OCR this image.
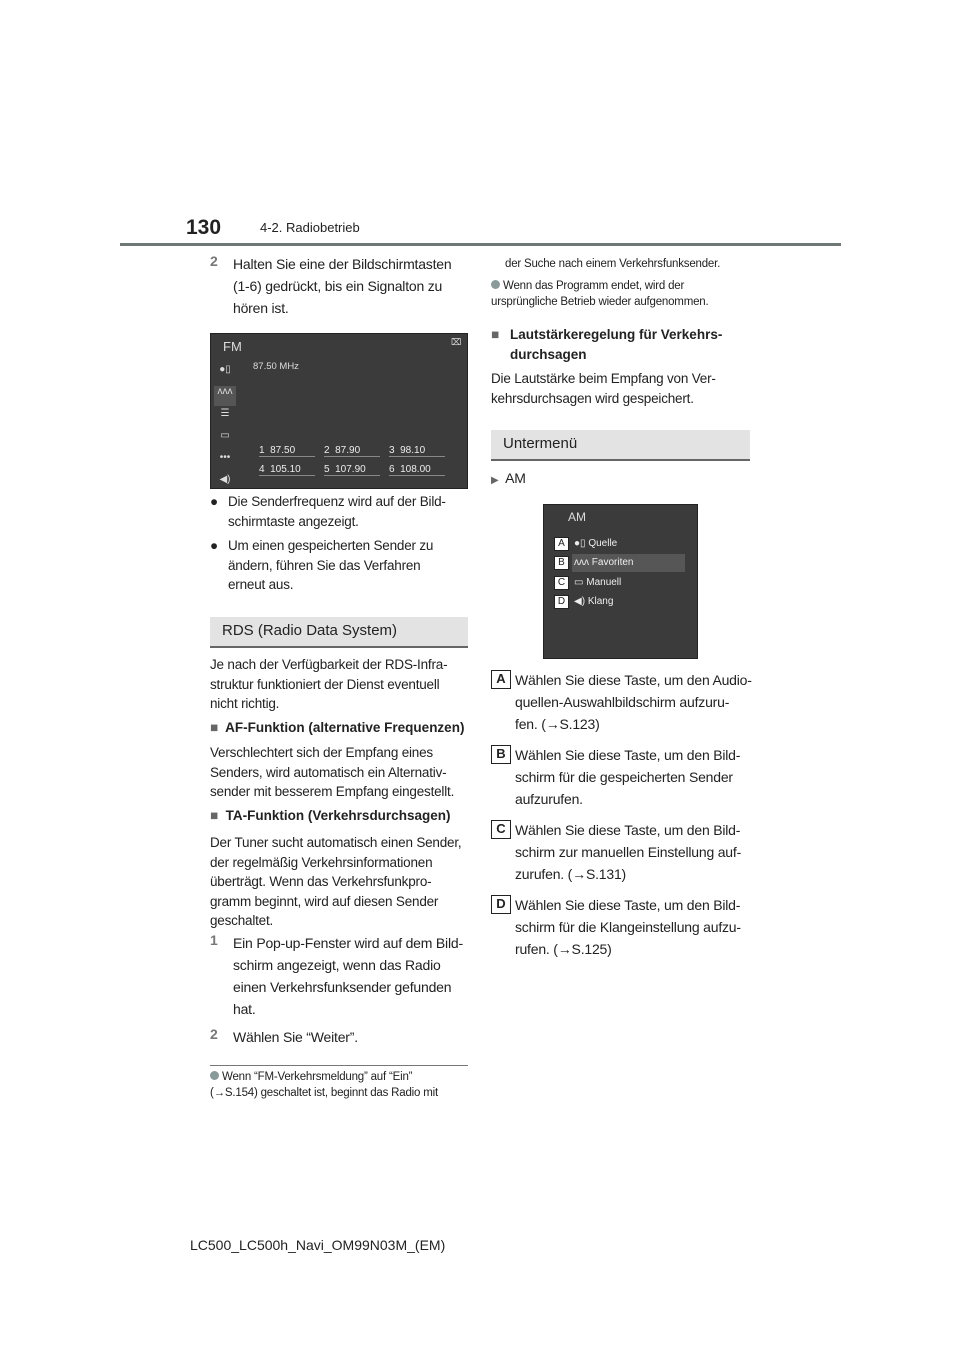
130	4-2. Radiobetrieb
2 Halten Sie eine der Bildschirmtasten
(1-6) gedrückt, bis ein Signalton zu
hören ist.
FM	⌧
87.50 MHz
●▯
ʌʌʌ
☰
▭
•••
◀)
1 87.50	2 87.90	3 98.10
4 105.10	5 107.90	6 108.00
● Die Senderfrequenz wird auf der Bild-
schirmtaste angezeigt.
● Um einen gespeicherten Sender zu
ändern, führen Sie das Verfahren
erneut aus.
RDS (Radio Data System)
Je nach der Verfügbarkeit der RDS-Infra-
struktur funktioniert der Dienst eventuell
nicht richtig.
■ AF-Funktion (alternative Frequenzen)
Verschlechtert sich der Empfang eines
Senders, wird automatisch ein Alternativ-
sender mit besserem Empfang eingestellt.
■ TA-Funktion (Verkehrsdurchsagen)
Der Tuner sucht automatisch einen Sender,
der regelmäßig Verkehrsinformationen
überträgt. Wenn das Verkehrsfunkpro-
gramm beginnt, wird auf diesen Sender
geschaltet.
1 Ein Pop-up-Fenster wird auf dem Bild-
schirm angezeigt, wenn das Radio
einen Verkehrsfunksender gefunden
hat.
2 Wählen Sie “Weiter”.
Wenn “FM-Verkehrsmeldung” auf “Ein”
(→S.154) geschaltet ist, beginnt das Radio mit
der Suche nach einem Verkehrsfunksender.
Wenn das Programm endet, wird der
ursprüngliche Betrieb wieder aufgenommen.
■ Lautstärkeregelung für Verkehrs-
durchsagen
Die Lautstärke beim Empfang von Ver-
kehrsdurchsagen wird gespeichert.
Untermenü
▶ AM
AM
A ●▯ Quelle
B ʌʌʌ Favoriten
C ▭ Manuell
D ◀) Klang
A Wählen Sie diese Taste, um den Audio-
quellen-Auswahlbildschirm aufzuru-
fen. (→S.123)
B Wählen Sie diese Taste, um den Bild-
schirm für die gespeicherten Sender
aufzurufen.
C Wählen Sie diese Taste, um den Bild-
schirm zur manuellen Einstellung auf-
zurufen. (→S.131)
D Wählen Sie diese Taste, um den Bild-
schirm für die Klangeinstellung aufzu-
rufen. (→S.125)
LC500_LC500h_Navi_OM99N03M_(EM)
